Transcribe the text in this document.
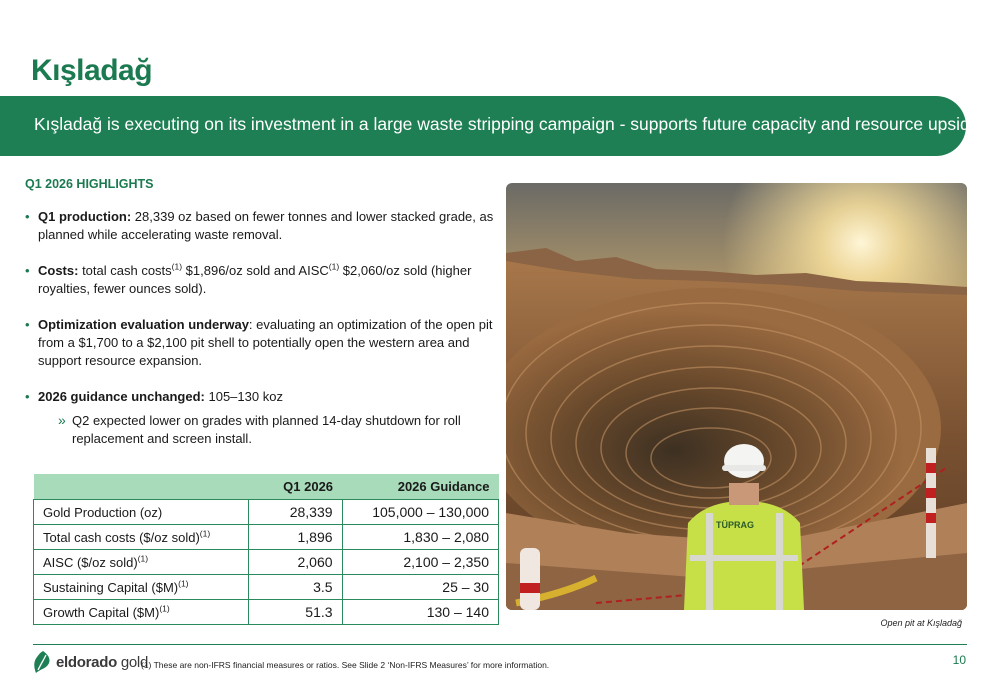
Kışladağ
Kışladağ is executing on its investment in a large waste stripping campaign - supports future capacity and resource upside
Q1 2026 HIGHLIGHTS
• Q1 production: 28,339 oz based on fewer tonnes and lower stacked grade, as planned while accelerating waste removal.
• Costs: total cash costs$^{(1)}$ $1,896/oz sold and AISC$^{(1)}$ $2,060/oz sold (higher royalties, fewer ounces sold).
• Optimization evaluation underway: evaluating an optimization of the open pit from a $1,700 to a $2,100 pit shell to potentially open the western area and support resource expansion.
• 2026 guidance unchanged: 105–130 koz
» Q2 expected lower on grades with planned 14-day shutdown for roll replacement and screen install.
	Q1 2026	2026 Guidance
Gold Production (oz)	28,339	105,000 – 130,000
Total cash costs ($/oz sold)$^{(1)}$	1,896	1,830 – 2,080
AISC ($/oz sold)$^{(1)}$	2,060	2,100 – 2,350
Sustaining Capital ($M)$^{(1)}$	3.5	25 – 30
Growth Capital ($M)$^{(1)}$	51.3	130 – 140
TÜPRAG
Open pit at Kışladağ
eldorado gold
(1) These are non-IFRS financial measures or ratios. See Slide 2 ‘Non-IFRS Measures’ for more information.	10
